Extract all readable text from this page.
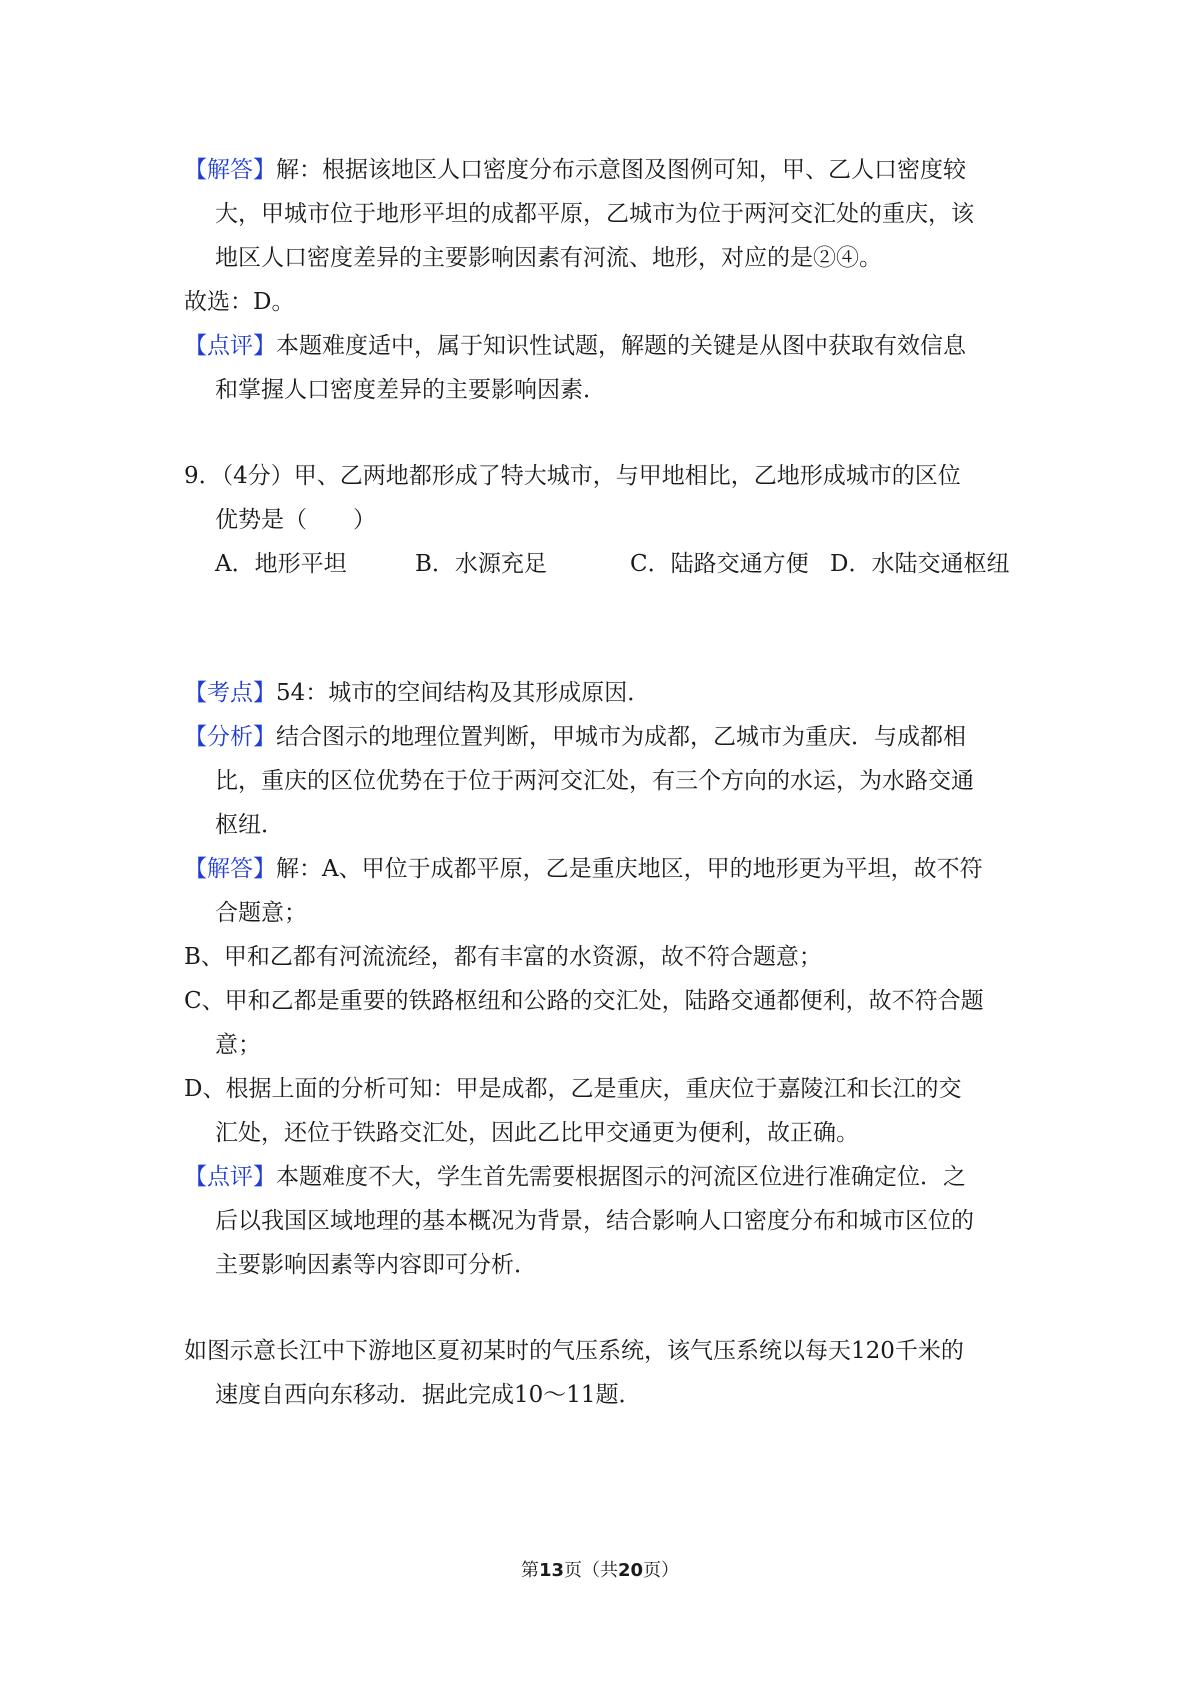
【解答】解：根据该地区人口密度分布示意图及图例可知，甲、乙人口密度较
大，甲城市位于地形平坦的成都平原，乙城市为位于两河交汇处的重庆，该
地区人口密度差异的主要影响因素有河流、地形，对应的是②④。
故选：D。
【点评】本题难度适中，属于知识性试题，解题的关键是从图中获取有效信息
和掌握人口密度差异的主要影响因素．
9．（4分）甲、乙两地都形成了特大城市，与甲地相比，乙地形成城市的区位
优势是（　　）
A．地形平坦	B．水源充足	C．陆路交通方便 D．水陆交通枢纽
【考点】54：城市的空间结构及其形成原因．
【分析】结合图示的地理位置判断，甲城市为成都，乙城市为重庆．与成都相
比，重庆的区位优势在于位于两河交汇处，有三个方向的水运，为水路交通
枢纽．
【解答】解：A、甲位于成都平原，乙是重庆地区，甲的地形更为平坦，故不符
合题意；
B、甲和乙都有河流流经，都有丰富的水资源，故不符合题意；
C、甲和乙都是重要的铁路枢纽和公路的交汇处，陆路交通都便利，故不符合题
意；
D、根据上面的分析可知：甲是成都，乙是重庆，重庆位于嘉陵江和长江的交
汇处，还位于铁路交汇处，因此乙比甲交通更为便利，故正确。
【点评】本题难度不大，学生首先需要根据图示的河流区位进行准确定位．之
后以我国区域地理的基本概况为背景，结合影响人口密度分布和城市区位的
主要影响因素等内容即可分析．
如图示意长江中下游地区夏初某时的气压系统，该气压系统以每天120千米的
速度自西向东移动．据此完成10～11题．
第13页（共20页）
